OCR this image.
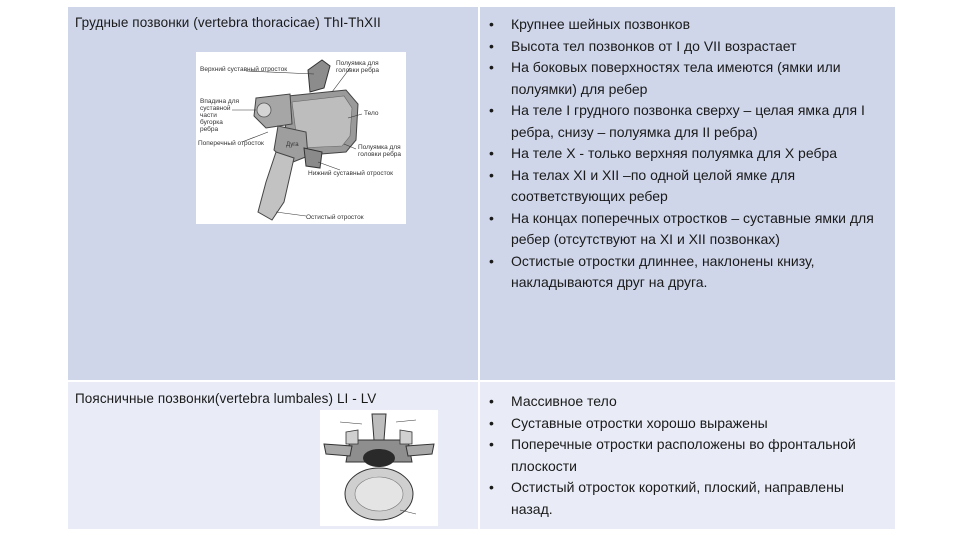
Грудные позвонки (vertebra thoracicae) ThI-ThXII
Верхний суставный отросток
Полуямка для головки ребра
Впадина для суставной части бугорка ребра
Тело
Поперечный отросток
Полуямка для головки ребра
Нижний суставный отросток
Дуга
Остистый отросток
• Крупнее шейных позвонков
• Высота тел позвонков от I до VII возрастает
• На боковых поверхностях тела имеются (ямки или полуямки) для ребер
• На теле I грудного позвонка сверху – целая ямка для I ребра, снизу – полуямка для II ребра)
• На теле X - только верхняя полуямка для X ребра
• На телах XI и XII –по одной целой ямке для соответствующих ребер
• На концах поперечных отростков – суставные ямки для ребер (отсутствуют на XI и XII позвонках)
• Остистые отростки длиннее, наклонены книзу, накладываются друг на друга.
Поясничные позвонки(vertebra lumbales) LI - LV
•	Массивное тело
• Суставные отростки хорошо выражены
• Поперечные отростки расположены во фронтальной плоскости
• Остистый отросток короткий, плоский, направлены назад.
